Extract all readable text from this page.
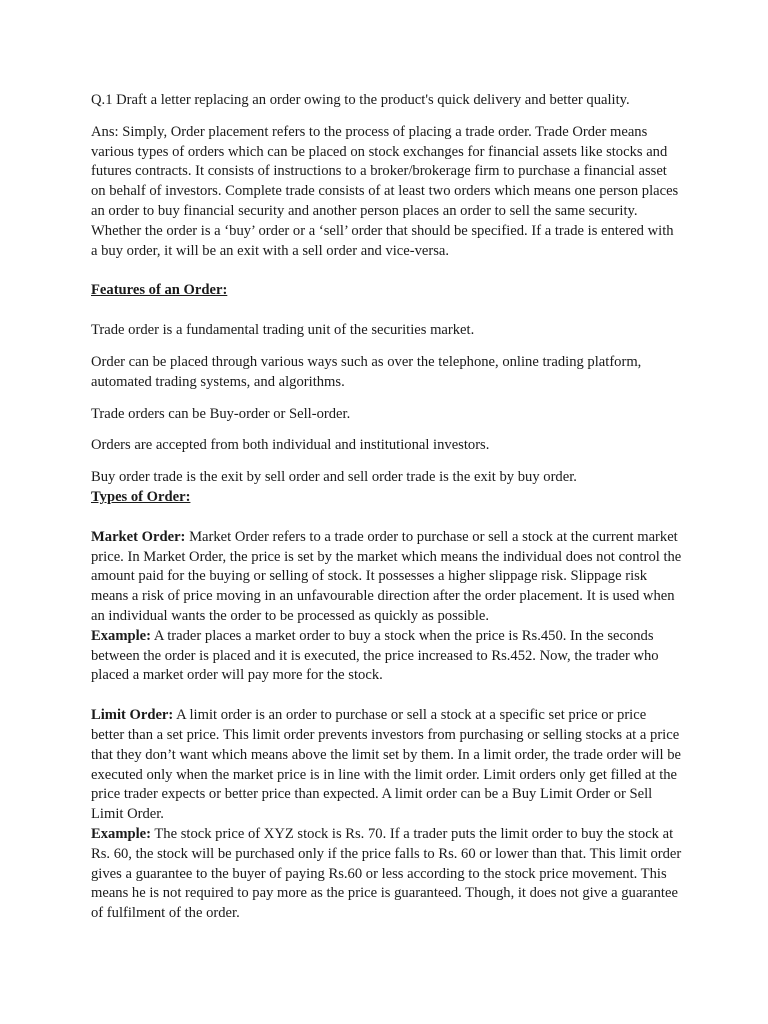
Q.1 Draft a letter replacing an order owing to the product's quick delivery and better quality.

Ans: Simply, Order placement refers to the process of placing a trade order. Trade Order means various types of orders which can be placed on stock exchanges for financial assets like stocks and futures contracts. It consists of instructions to a broker/brokerage firm to purchase a financial asset on behalf of investors. Complete trade consists of at least two orders which means one person places an order to buy financial security and another person places an order to sell the same security. Whether the order is a ‘buy’ order or a ‘sell’ order that should be specified. If a trade is entered with a buy order, it will be an exit with a sell order and vice-versa.

Features of an Order:

Trade order is a fundamental trading unit of the securities market.

Order can be placed through various ways such as over the telephone, online trading platform, automated trading systems, and algorithms.

Trade orders can be Buy-order or Sell-order.

Orders are accepted from both individual and institutional investors.

Buy order trade is the exit by sell order and sell order trade is the exit by buy order.

Types of Order:

Market Order: Market Order refers to a trade order to purchase or sell a stock at the current market price. In Market Order, the price is set by the market which means the individual does not control the amount paid for the buying or selling of stock. It possesses a higher slippage risk. Slippage risk means a risk of price moving in an unfavourable direction after the order placement. It is used when an individual wants the order to be processed as quickly as possible.

Example: A trader places a market order to buy a stock when the price is Rs.450. In the seconds between the order is placed and it is executed, the price increased to Rs.452. Now, the trader who placed a market order will pay more for the stock.

Limit Order: A limit order is an order to purchase or sell a stock at a specific set price or price better than a set price. This limit order prevents investors from purchasing or selling stocks at a price that they don’t want which means above the limit set by them. In a limit order, the trade order will be executed only when the market price is in line with the limit order. Limit orders only get filled at the price trader expects or better price than expected. A limit order can be a Buy Limit Order or Sell Limit Order.

Example: The stock price of XYZ stock is Rs. 70. If a trader puts the limit order to buy the stock at Rs. 60, the stock will be purchased only if the price falls to Rs. 60 or lower than that. This limit order gives a guarantee to the buyer of paying Rs.60 or less according to the stock price movement. This means he is not required to pay more as the price is guaranteed. Though, it does not give a guarantee of fulfilment of the order.
